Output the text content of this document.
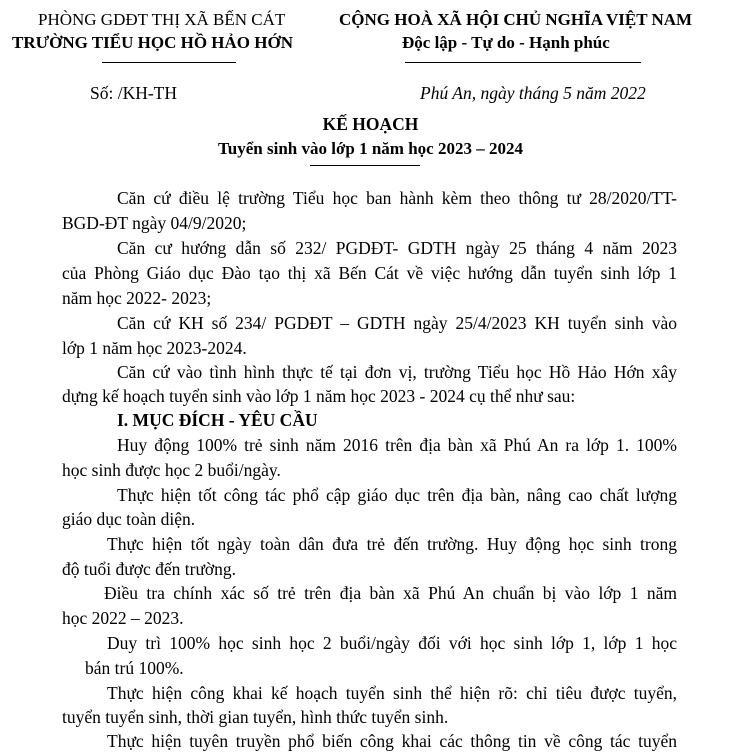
PHÒNG GDĐT THỊ XÃ BẾN CÁT
TRƯỜNG TIỂU HỌC HỒ HẢO HỚN
CỘNG HOÀ XÃ HỘI CHỦ NGHĨA VIỆT NAM
Độc lập - Tự do - Hạnh phúc
Số: /KH-TH	Phú An, ngày tháng 5 năm 2022
KẾ HOẠCH
Tuyển sinh vào lớp 1 năm học 2023 – 2024
Căn cứ điều lệ trường Tiểu học ban hành kèm theo thông tư 28/2020/TT-
BGD-ĐT ngày 04/9/2020;
Căn cư hướng dẫn số 232/ PGDĐT- GDTH ngày 25 tháng 4 năm 2023
của Phòng Giáo dục Đào tạo thị xã Bến Cát về việc hướng dẫn tuyển sinh lớp 1
năm học 2022- 2023;
Căn cứ KH số 234/ PGDĐT – GDTH ngày 25/4/2023 KH tuyển sinh vào
lớp 1 năm học 2023-2024.
Căn cứ vào tình hình thực tế tại đơn vị, trường Tiểu học Hồ Hảo Hớn xây
dựng kế hoạch tuyển sinh vào lớp 1 năm học 2023 - 2024 cụ thể như sau:
I. MỤC ĐÍCH - YÊU CẦU
Huy động 100% trẻ sinh năm 2016 trên địa bàn xã Phú An ra lớp 1. 100%
học sinh được học 2 buổi/ngày.
Thực hiện tốt công tác phổ cập giáo dục trên địa bàn, nâng cao chất lượng
giáo dục toàn diện.
Thực hiện tốt ngày toàn dân đưa trẻ đến trường. Huy động học sinh trong
độ tuổi được đến trường.
Điều tra chính xác số trẻ trên địa bàn xã Phú An chuẩn bị vào lớp 1 năm
học 2022 – 2023.
Duy trì 100% học sinh học 2 buổi/ngày đối với học sinh lớp 1, lớp 1 học
bán trú 100%.
Thực hiện công khai kế hoạch tuyển sinh thể hiện rõ: chỉ tiêu được tuyển,
tuyển tuyển sinh, thời gian tuyển, hình thức tuyển sinh.
Thực hiện tuyên truyền phổ biến công khai các thông tin về công tác tuyển
